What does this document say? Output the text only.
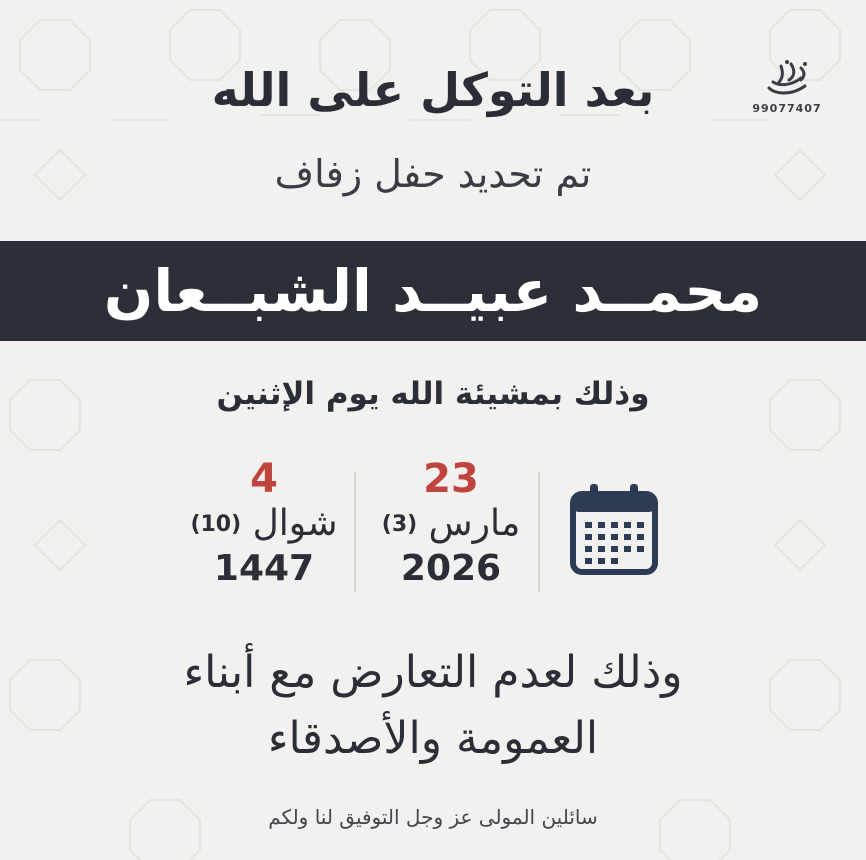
99077407
بعد التوكل على الله
تم تحديد حفل زفاف
محمــد عبيــد الشبــعان
وذلك بمشيئة الله يوم الإثنين
23
مارس (3)
2026
4
شوال (10)
1447
وذلك لعدم التعارض مع أبناء
العمومة والأصدقاء
سائلين المولى عز وجل التوفيق لنا ولكم
